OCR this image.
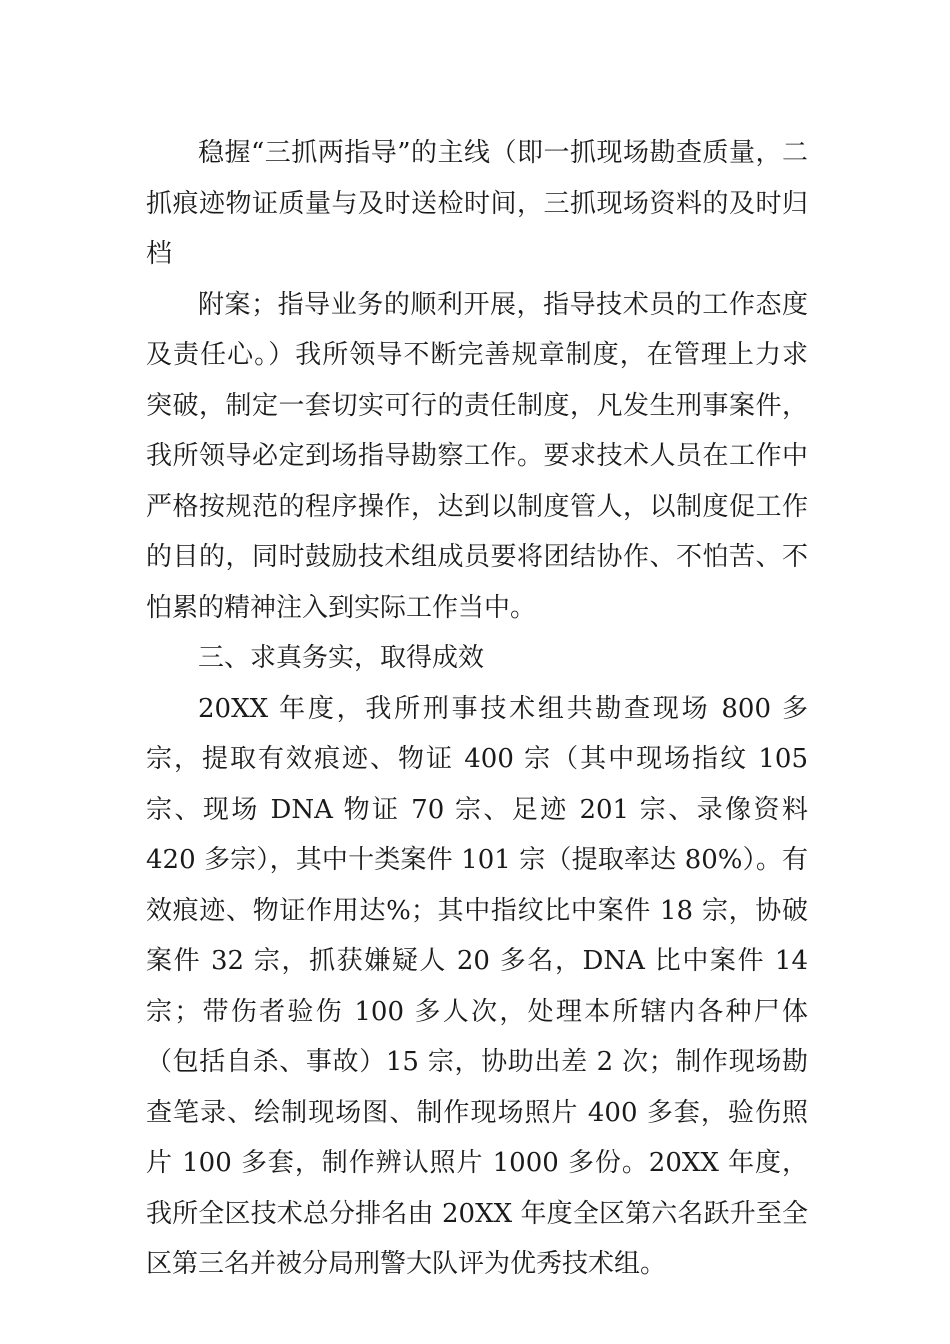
稳握“三抓两指导”的主线（即一抓现场勘查质量，二抓痕迹物证质量与及时送检时间，三抓现场资料的及时归档

附案；指导业务的顺利开展，指导技术员的工作态度及责任心。）我所领导不断完善规章制度，在管理上力求突破，制定一套切实可行的责任制度，凡发生刑事案件，我所领导必定到场指导勘察工作。要求技术人员在工作中严格按规范的程序操作，达到以制度管人，以制度促工作的目的，同时鼓励技术组成员要将团结协作、不怕苦、不怕累的精神注入到实际工作当中。

三、求真务实，取得成效

20XX 年度，我所刑事技术组共勘查现场 800 多宗，提取有效痕迹、物证 400 宗（其中现场指纹 105 宗、现场 DNA 物证 70 宗、足迹 201 宗、录像资料 420 多宗），其中十类案件 101 宗（提取率达 80%）。有效痕迹、物证作用达%；其中指纹比中案件 18 宗，协破案件 32 宗，抓获嫌疑人 20 多名，DNA 比中案件 14 宗；带伤者验伤 100 多人次，处理本所辖内各种尸体（包括自杀、事故）15 宗，协助出差 2 次；制作现场勘查笔录、绘制现场图、制作现场照片 400 多套，验伤照片 100 多套，制作辨认照片 1000 多份。20XX 年度，我所全区技术总分排名由 20XX 年度全区第六名跃升至全区第三名并被分局刑警大队评为优秀技术组。
